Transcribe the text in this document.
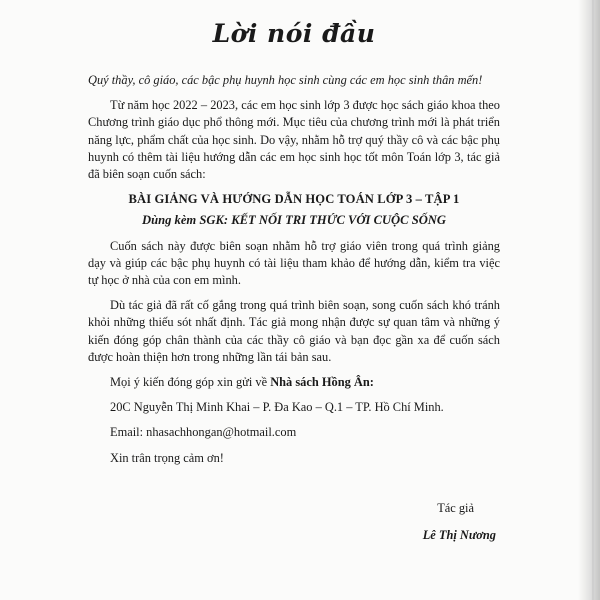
Lời nói đầu

Quý thầy, cô giáo, các bậc phụ huynh học sinh cùng các em học sinh thân mến!

Từ năm học 2022 – 2023, các em học sinh lớp 3 được học sách giáo khoa theo Chương trình giáo dục phổ thông mới. Mục tiêu của chương trình mới là phát triển năng lực, phẩm chất của học sinh. Do vậy, nhằm hỗ trợ quý thầy cô và các bậc phụ huynh có thêm tài liệu hướng dẫn các em học sinh học tốt môn Toán lớp 3, tác giả đã biên soạn cuốn sách:

BÀI GIẢNG VÀ HƯỚNG DẪN HỌC TOÁN LỚP 3 – TẬP 1
Dùng kèm SGK: KẾT NỐI TRI THỨC VỚI CUỘC SỐNG

Cuốn sách này được biên soạn nhằm hỗ trợ giáo viên trong quá trình giảng dạy và giúp các bậc phụ huynh có tài liệu tham khảo để hướng dẫn, kiểm tra việc tự học ở nhà của con em mình.

Dù tác giả đã rất cố gắng trong quá trình biên soạn, song cuốn sách khó tránh khỏi những thiếu sót nhất định. Tác giả mong nhận được sự quan tâm và những ý kiến đóng góp chân thành của các thầy cô giáo và bạn đọc gần xa để cuốn sách được hoàn thiện hơn trong những lần tái bản sau.

Mọi ý kiến đóng góp xin gửi về Nhà sách Hồng Ân:

20C Nguyễn Thị Minh Khai – P. Đa Kao – Q.1 – TP. Hồ Chí Minh.

Email: nhasachhongan@hotmail.com

Xin trân trọng cảm ơn!

Tác giả
Lê Thị Nương
